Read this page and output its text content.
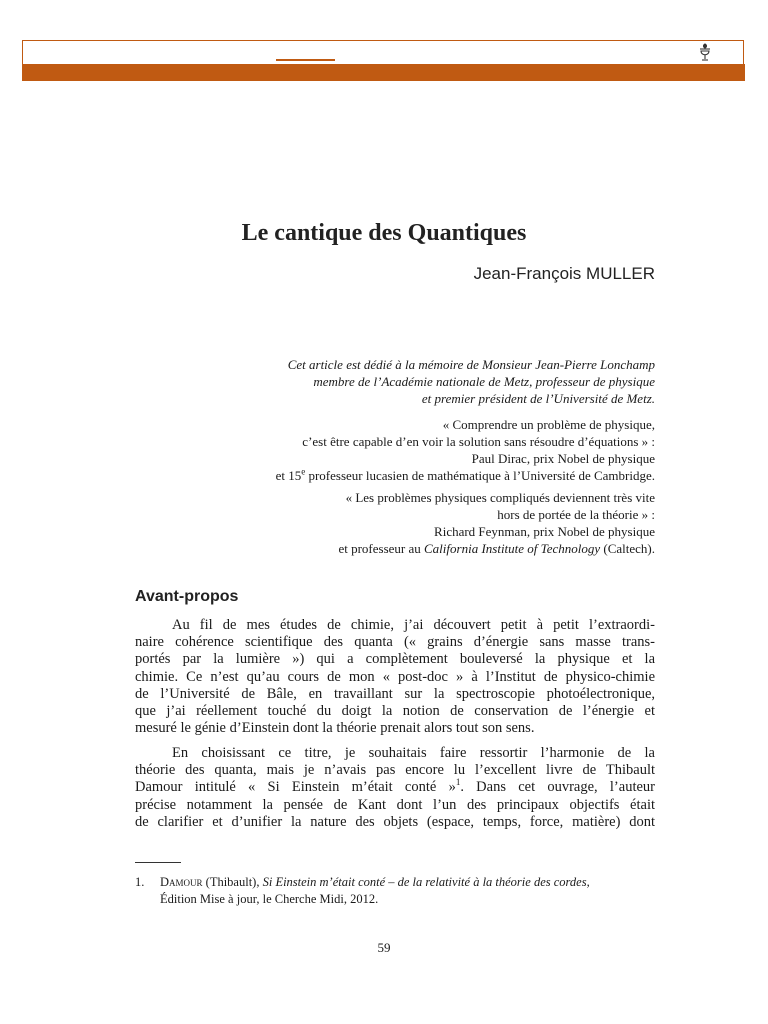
Le cantique des Quantiques
Jean-François MULLER
Cet article est dédié à la mémoire de Monsieur Jean-Pierre Lonchamp
membre de l’Académie nationale de Metz, professeur de physique
et premier président de l’Université de Metz.
« Comprendre un problème de physique,
c’est être capable d’en voir la solution sans résoudre d’équations » :
Paul Dirac, prix Nobel de physique
et 15e professeur lucasien de mathématique à l’Université de Cambridge.
« Les problèmes physiques compliqués deviennent très vite
hors de portée de la théorie » :
Richard Feynman, prix Nobel de physique
et professeur au California Institute of Technology (Caltech).
Avant-propos
Au fil de mes études de chimie, j’ai découvert petit à petit l’extraordi-
naire cohérence scientifique des quanta (« grains d’énergie sans masse trans-
portés par la lumière ») qui a complètement bouleversé la physique et la
chimie. Ce n’est qu’au cours de mon « post-doc » à l’Institut de physico-chimie
de l’Université de Bâle, en travaillant sur la spectroscopie photoélectronique,
que j’ai réellement touché du doigt la notion de conservation de l’énergie et
mesuré le génie d’Einstein dont la théorie prenait alors tout son sens.
En choisissant ce titre, je souhaitais faire ressortir l’harmonie de la
théorie des quanta, mais je n’avais pas encore lu l’excellent livre de Thibault
Damour intitulé « Si Einstein m’était conté »$^1$. Dans cet ouvrage, l’auteur
précise notamment la pensée de Kant dont l’un des principaux objectifs était
de clarifier et d’unifier la nature des objets (espace, temps, force, matière) dont
1. Damour (Thibault), Si Einstein m’était conté – de la relativité à la théorie des cordes,
Édition Mise à jour, le Cherche Midi, 2012.
59
